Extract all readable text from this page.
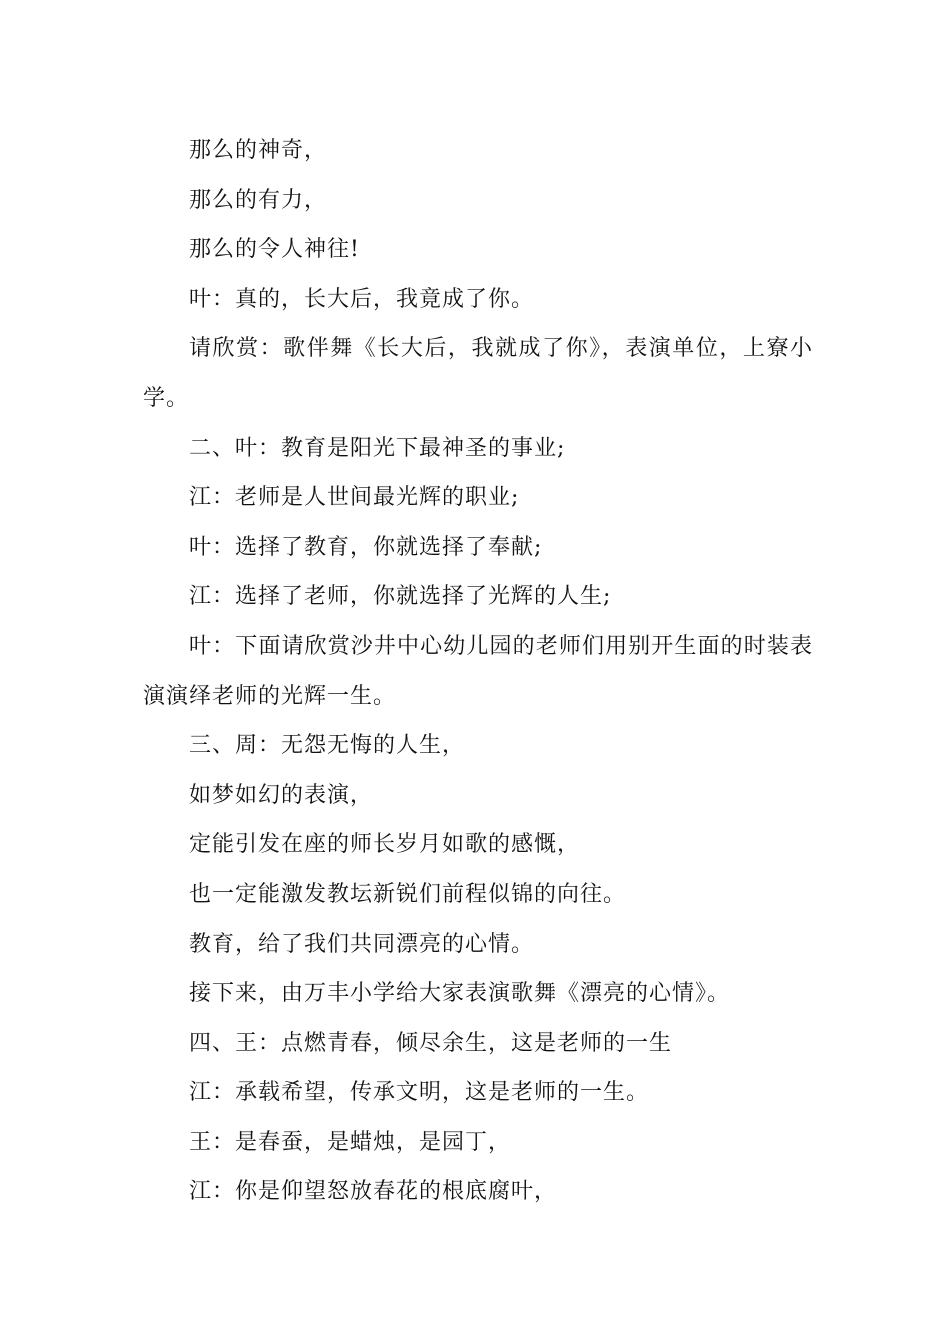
那么的神奇，

那么的有力，

那么的令人神往!

叶：真的，长大后，我竟成了你。

请欣赏：歌伴舞《长大后，我就成了你》，表演单位，上寮小学。

二、叶：教育是阳光下最神圣的事业;

江：老师是人世间最光辉的职业;

叶：选择了教育，你就选择了奉献;

江：选择了老师，你就选择了光辉的人生;

叶：下面请欣赏沙井中心幼儿园的老师们用别开生面的时装表演演绎老师的光辉一生。

三、周：无怨无悔的人生，

如梦如幻的表演，

定能引发在座的师长岁月如歌的感慨，

也一定能激发教坛新锐们前程似锦的向往。

教育，给了我们共同漂亮的心情。

接下来，由万丰小学给大家表演歌舞《漂亮的心情》。

四、王：点燃青春，倾尽余生，这是老师的一生

江：承载希望，传承文明，这是老师的一生。

王：是春蚕，是蜡烛，是园丁，

江：你是仰望怒放春花的根底腐叶，
